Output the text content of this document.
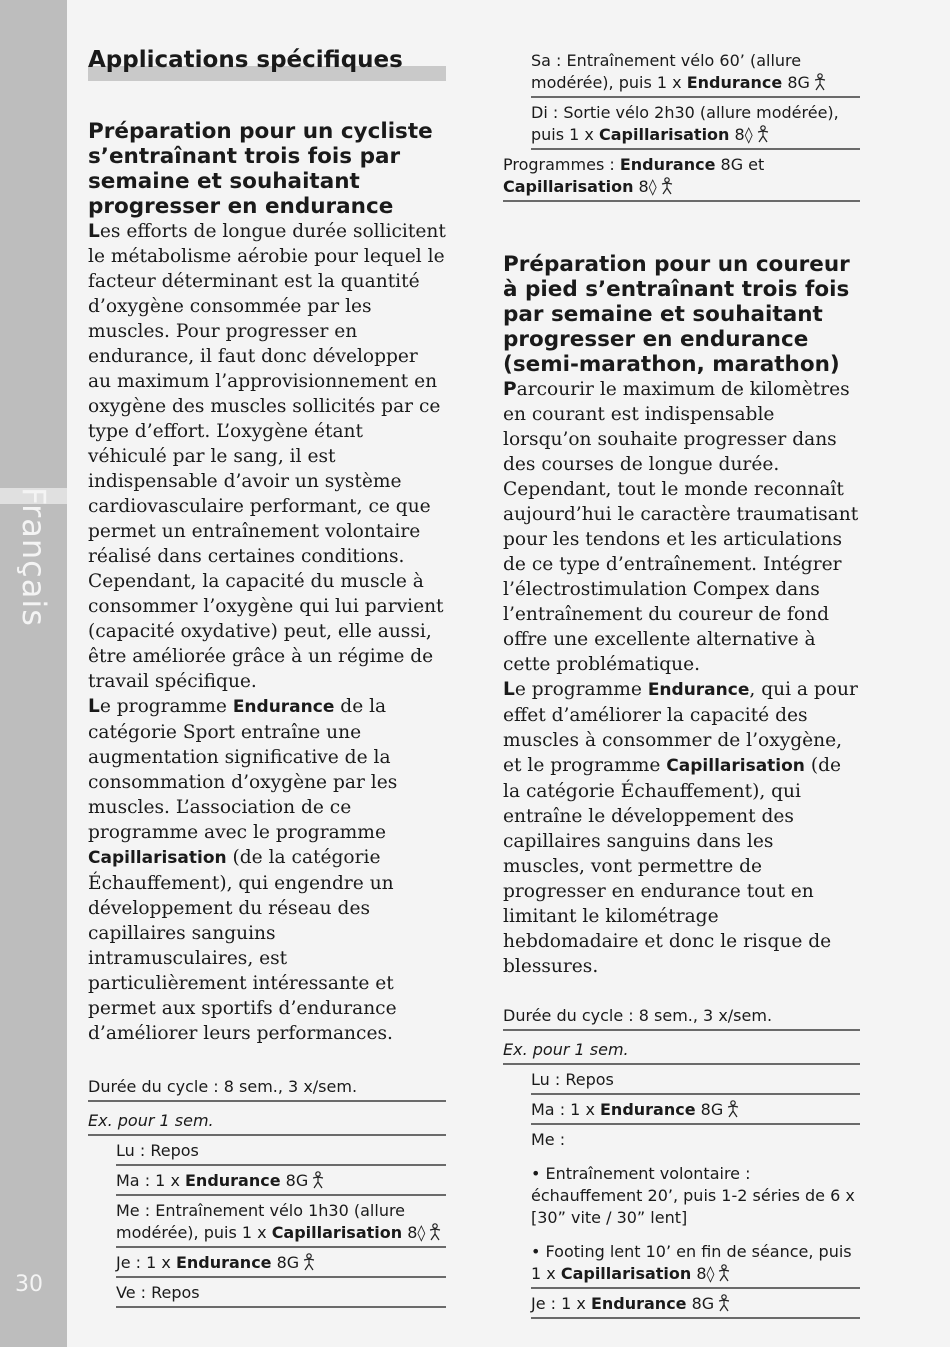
Français
30
Applications spécifiques
Préparation pour un cycliste s’entraînant trois fois par semaine et souhaitant progresser en endurance

Les efforts de longue durée sollicitent le métabolisme aérobie pour lequel le facteur déterminant est la quantité d’oxygène consommée par les muscles. Pour progresser en endurance, il faut donc développer au maximum l’approvisionnement en oxygène des muscles sollicités par ce type d’effort. L’oxygène étant véhiculé par le sang, il est indispensable d’avoir un système cardiovasculaire performant, ce que permet un entraînement volontaire réalisé dans certaines conditions. Cependant, la capacité du muscle à consommer l’oxygène qui lui parvient (capacité oxydative) peut, elle aussi, être améliorée grâce à un régime de travail spécifique.

Le programme Endurance de la catégorie Sport entraîne une augmentation significative de la consommation d’oxygène par les muscles. L’association de ce programme avec le programme Capillarisation (de la catégorie Échauffement), qui engendre un développement du réseau des capillaires sanguins intramusculaires, est particulièrement intéressante et permet aux sportifs d’endurance d’améliorer leurs performances.

Durée du cycle : 8 sem., 3 x/sem.
Ex. pour 1 sem.
Lu : Repos
Ma : 1 x Endurance 8G
Me : Entraînement vélo 1h30 (allure modérée), puis 1 x Capillarisation 8◊
Je : 1 x Endurance 8G
Ve : Repos
Sa : Entraînement vélo 60’ (allure modérée), puis 1 x Endurance 8G
Di : Sortie vélo 2h30 (allure modérée), puis 1 x Capillarisation 8◊
Programmes : Endurance 8G et Capillarisation 8◊
Préparation pour un coureur à pied s’entraînant trois fois par semaine et souhaitant progresser en endurance (semi-marathon, marathon)

Parcourir le maximum de kilomètres en courant est indispensable lorsqu’on souhaite progresser dans des courses de longue durée. Cependant, tout le monde reconnaît aujourd’hui le caractère traumatisant pour les tendons et les articulations de ce type d’entraînement. Intégrer l’électrostimulation Compex dans l’entraînement du coureur de fond offre une excellente alternative à cette problématique.

Le programme Endurance, qui a pour effet d’améliorer la capacité des muscles à consommer de l’oxygène, et le programme Capillarisation (de la catégorie Échauffement), qui entraîne le développement des capillaires sanguins dans les muscles, vont permettre de progresser en endurance tout en limitant le kilométrage hebdomadaire et donc le risque de blessures.

Durée du cycle : 8 sem., 3 x/sem.
Ex. pour 1 sem.
Lu : Repos
Ma : 1 x Endurance 8G
Me :
• Entraînement volontaire : échauffement 20’, puis 1-2 séries de 6 x [30” vite / 30” lent]
• Footing lent 10’ en fin de séance, puis 1 x Capillarisation 8◊
Je : 1 x Endurance 8G
